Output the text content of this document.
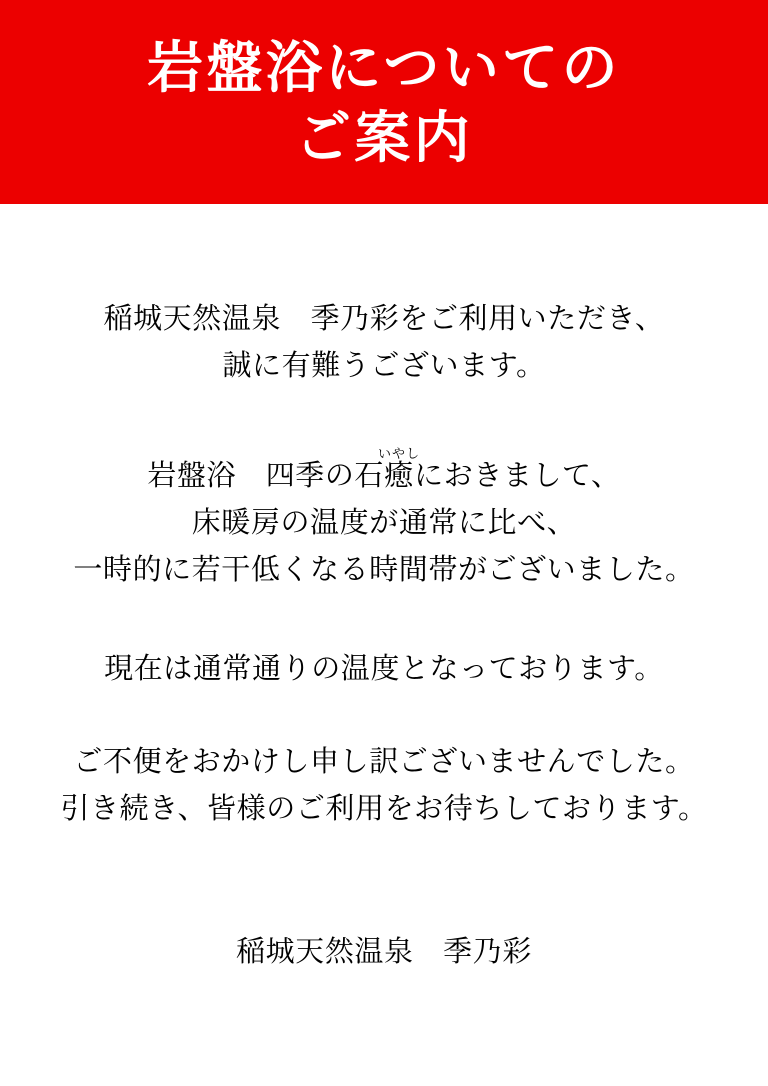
岩盤浴についての
ご案内
稲城天然温泉　季乃彩をご利用いただき、
誠に有難うございます。
岩盤浴　四季の石癒いやしにおきまして、
床暖房の温度が通常に比べ、
一時的に若干低くなる時間帯がございました。
現在は通常通りの温度となっております。
ご不便をおかけし申し訳ございませんでした。
引き続き、皆様のご利用をお待ちしております。
稲城天然温泉　季乃彩
